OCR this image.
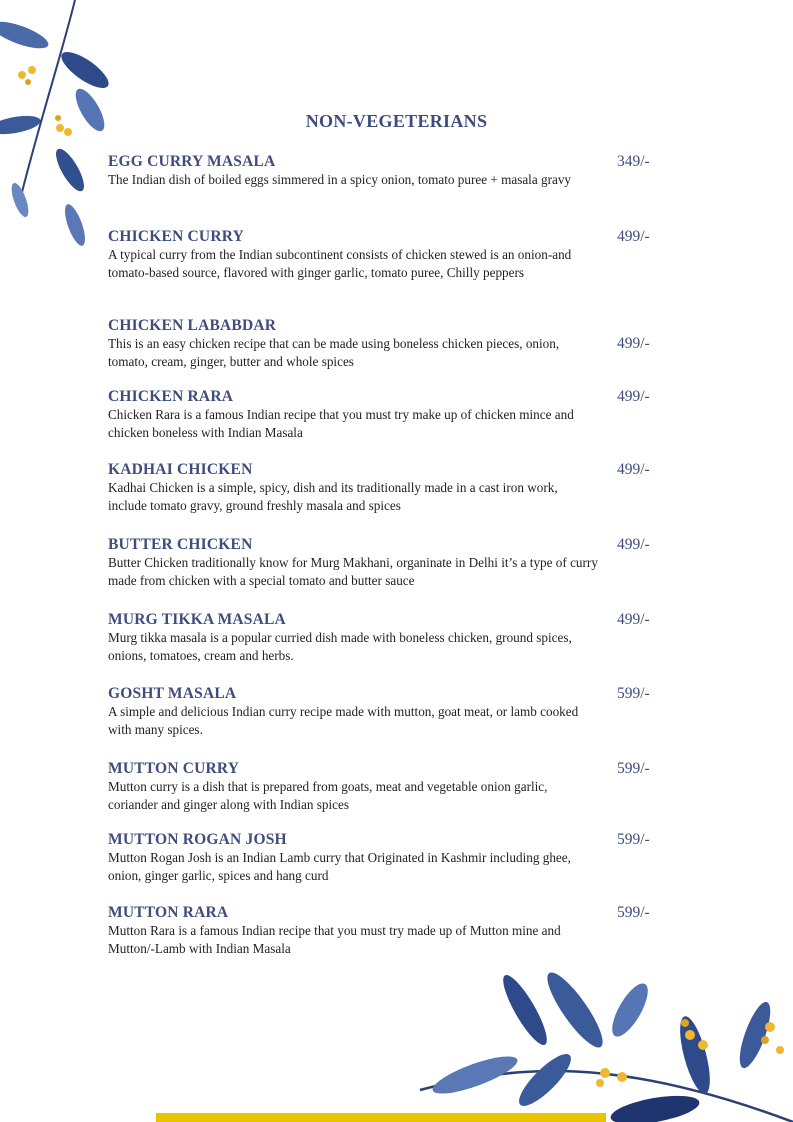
NON-VEGETERIANS
EGG CURRY MASALA
The Indian dish of boiled eggs simmered in a spicy onion, tomato puree + masala gravy
349/-
CHICKEN CURRY
A typical curry from the Indian subcontinent consists of chicken stewed is an onion-and tomato-based source, flavored with ginger garlic, tomato puree, Chilly peppers
499/-
CHICKEN LABABDAR
This is an easy chicken recipe that can be made using boneless chicken pieces, onion, tomato, cream, ginger, butter and whole spices
499/-
CHICKEN RARA
Chicken Rara is a famous Indian recipe that you must try make up of chicken mince and chicken boneless with Indian Masala
499/-
KADHAI CHICKEN
Kadhai Chicken is a simple, spicy, dish and its traditionally made in a cast iron work, include tomato gravy, ground freshly masala and spices
499/-
BUTTER CHICKEN
Butter Chicken traditionally know for Murg Makhani, organinate in Delhi it’s a type of curry made from chicken with a special tomato and butter sauce
499/-
MURG TIKKA MASALA
Murg tikka masala is a popular curried dish made with boneless chicken, ground spices, onions, tomatoes, cream and herbs.
499/-
GOSHT MASALA
A simple and delicious Indian curry recipe made with mutton, goat meat, or lamb cooked with many spices.
599/-
MUTTON CURRY
Mutton curry is a dish that is prepared from goats, meat and vegetable onion garlic, coriander and ginger along with Indian spices
599/-
MUTTON ROGAN JOSH
Mutton Rogan Josh is an Indian Lamb curry that Originated in Kashmir including ghee, onion, ginger garlic, spices and hang curd
599/-
MUTTON RARA
Mutton Rara is a famous Indian recipe that you must try made up of Mutton mine and Mutton/-Lamb with Indian Masala
599/-
